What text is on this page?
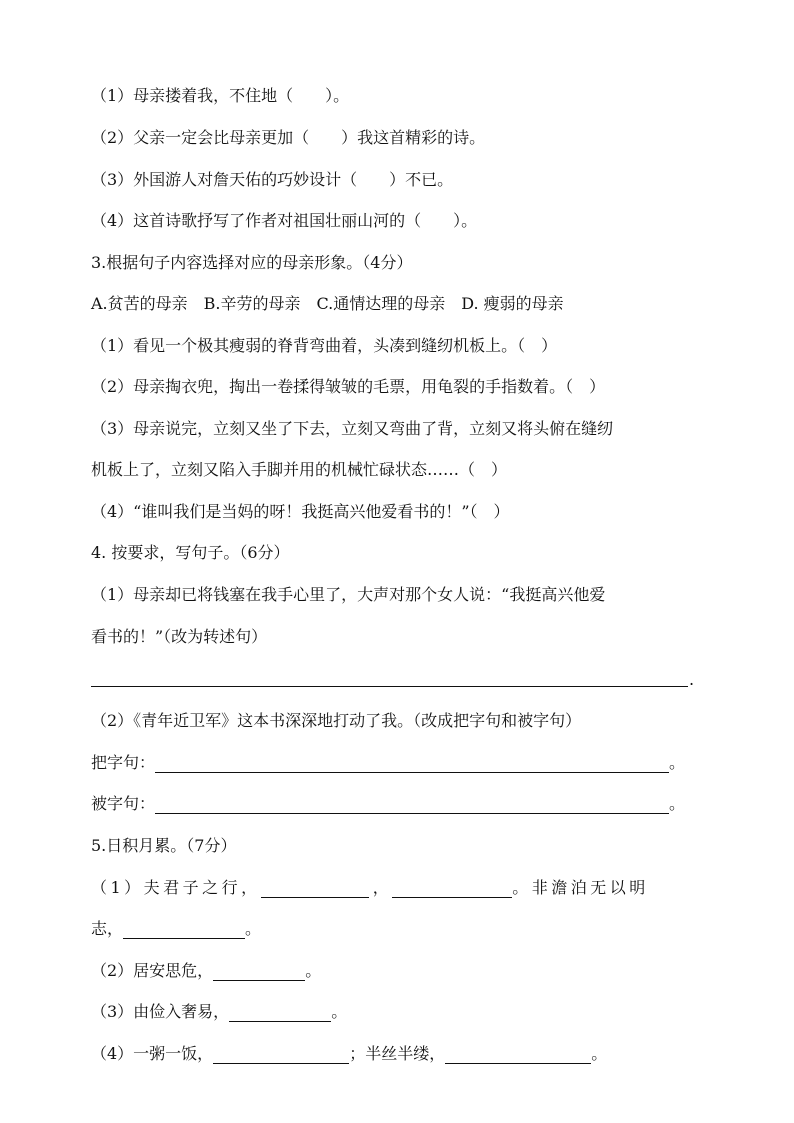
（1）母亲搂着我，不住地（　　）。
（2）父亲一定会比母亲更加（　　）我这首精彩的诗。
（3）外国游人对詹天佑的巧妙设计（　　）不已。
（4）这首诗歌抒写了作者对祖国壮丽山河的（　　）。
3.根据句子内容选择对应的母亲形象。（4分）
A.贫苦的母亲　B.辛劳的母亲　C.通情达理的母亲　D. 瘦弱的母亲
（1）看见一个极其瘦弱的脊背弯曲着，头凑到缝纫机板上。（　）
（2）母亲掏衣兜，掏出一卷揉得皱皱的毛票，用龟裂的手指数着。（　）
（3）母亲说完，立刻又坐了下去，立刻又弯曲了背，立刻又将头俯在缝纫
机板上了，立刻又陷入手脚并用的机械忙碌状态……（　）
（4）“谁叫我们是当妈的呀！我挺高兴他爱看书的！”（　）
4. 按要求，写句子。（6分）
（1）母亲却已将钱塞在我手心里了，大声对那个女人说：“我挺高兴他爱
看书的！”（改为转述句）
.
（2）《青年近卫军》这本书深深地打动了我。（改成把字句和被字句）
把字句：	。
被字句：	。
5.日积月累。（7分）
（1）夫君子之行，	，	。非澹泊无以明
志，	。
（2）居安思危，	。
（3）由俭入奢易，	。
（4）一粥一饭，	；半丝半缕，	。
